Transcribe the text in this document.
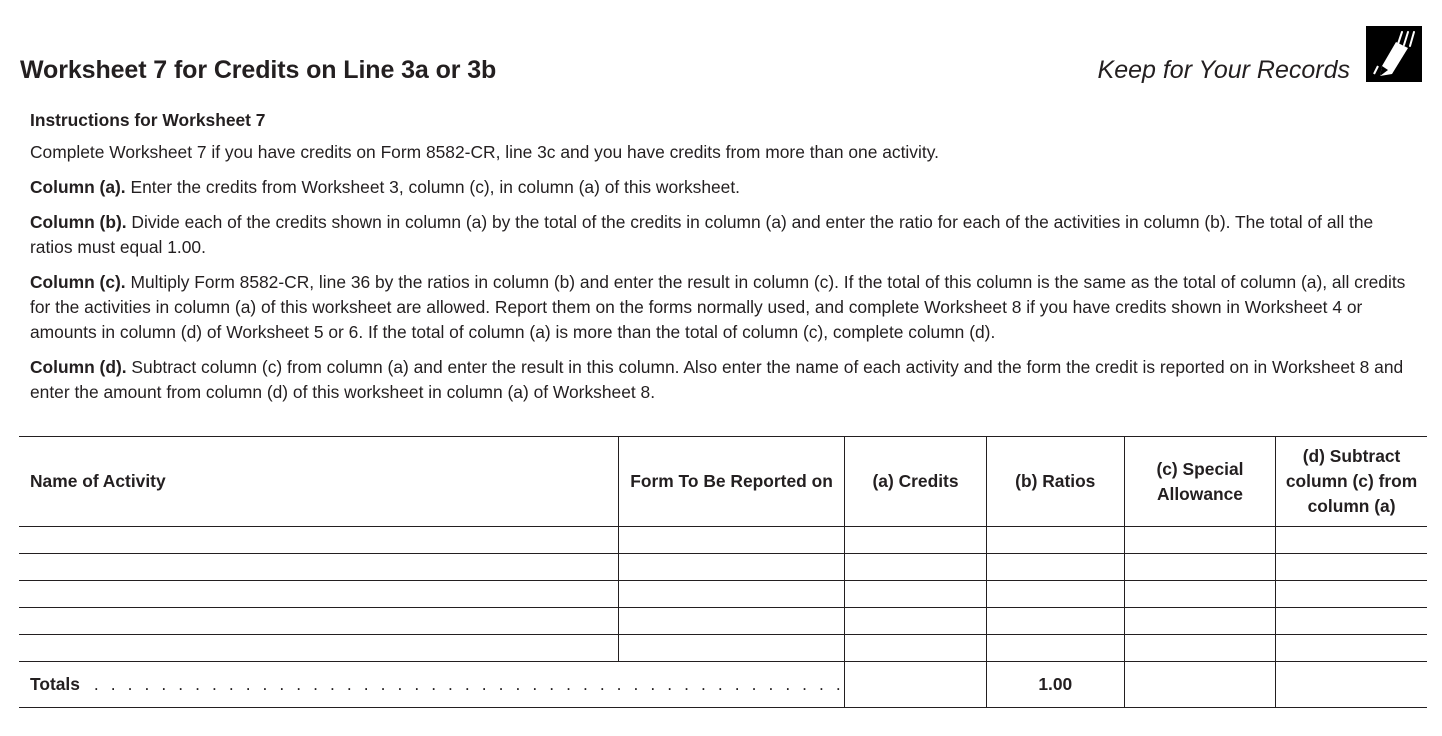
Worksheet 7 for Credits on Line 3a or 3b	Keep for Your Records
Instructions for Worksheet 7

Complete Worksheet 7 if you have credits on Form 8582-CR, line 3c and you have credits from more than one activity.

Column (a). Enter the credits from Worksheet 3, column (c), in column (a) of this worksheet.

Column (b). Divide each of the credits shown in column (a) by the total of the credits in column (a) and enter the ratio for each of the activities in column (b). The total of all the ratios must equal 1.00.

Column (c). Multiply Form 8582-CR, line 36 by the ratios in column (b) and enter the result in column (c). If the total of this column is the same as the total of column (a), all credits for the activities in column (a) of this worksheet are allowed. Report them on the forms normally used, and complete Worksheet 8 if you have credits shown in Worksheet 4 or amounts in column (d) of Worksheet 5 or 6. If the total of column (a) is more than the total of column (c), complete column (d).

Column (d). Subtract column (c) from column (a) and enter the result in this column. Also enter the name of each activity and the form the credit is reported on in Worksheet 8 and enter the amount from column (d) of this worksheet in column (a) of Worksheet 8.

Name of Activity	Form To Be Reported on	(a) Credits	(b) Ratios	(c) Special Allowance	(d) Subtract column (c) from column (a)

Totals . . . . . . . . . . . . . . . . . . . . . . . . . . . . . . . . . . . . . . . . . . . . .			1.00		
